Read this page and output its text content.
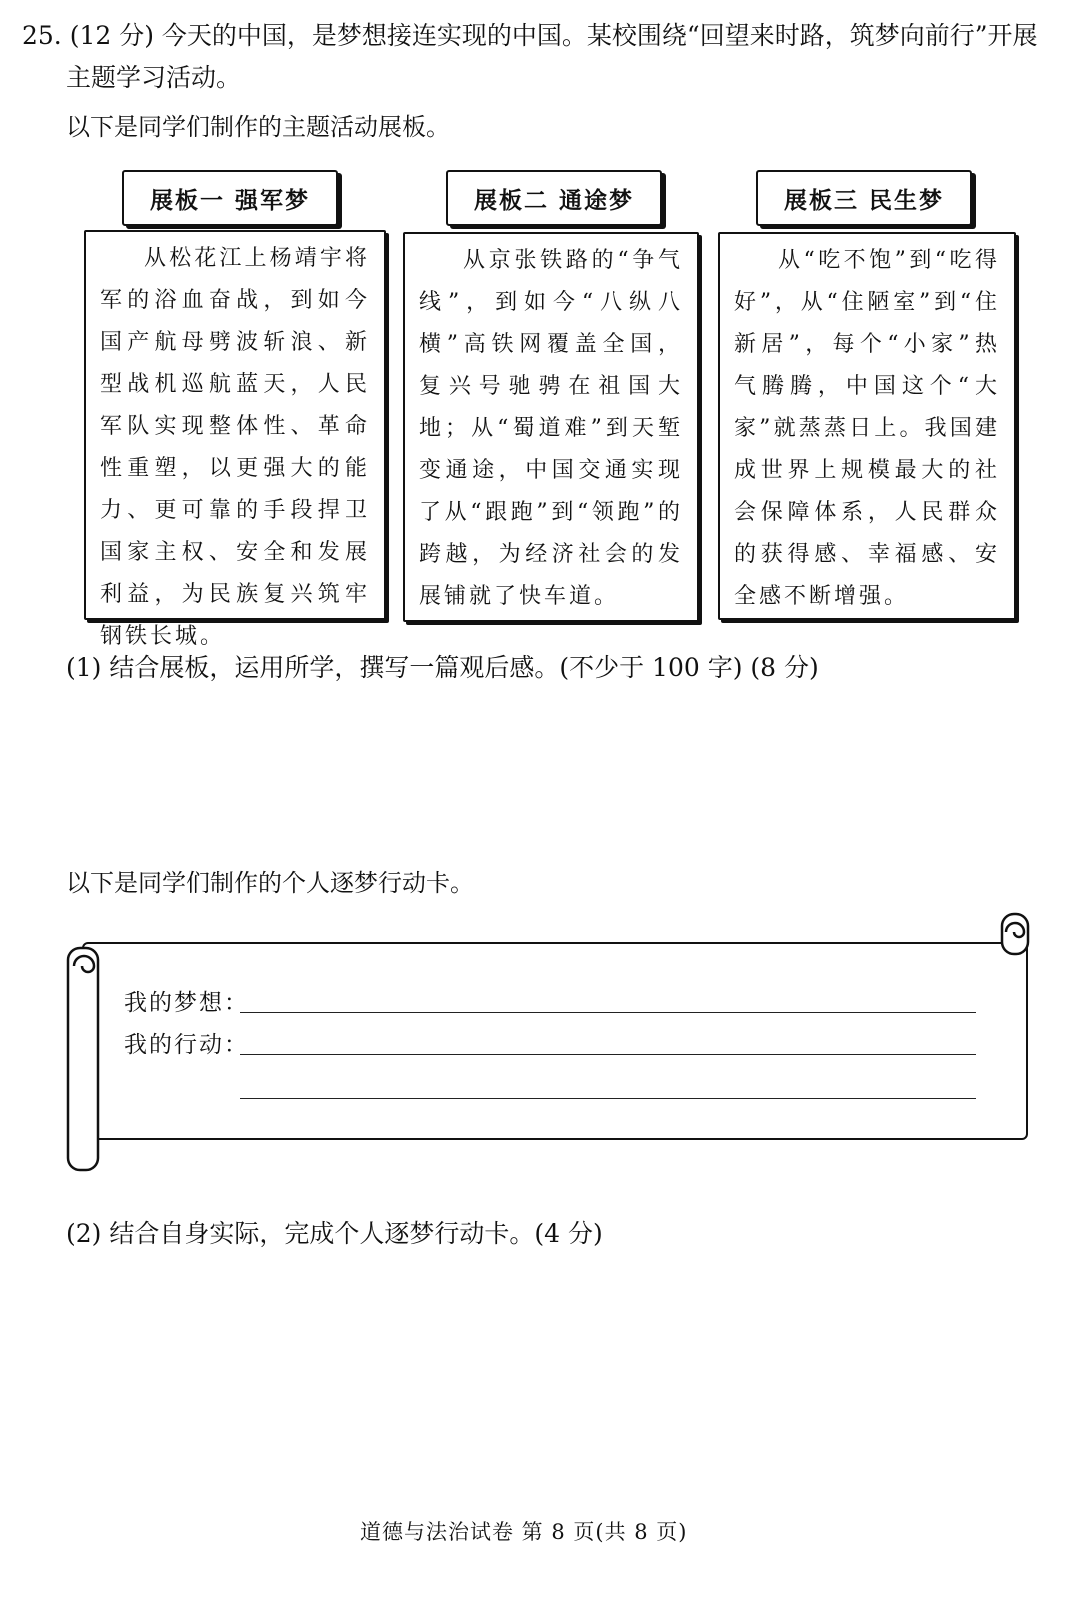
25. (12 分) 今天的中国，是梦想接连实现的中国。某校围绕“回望来时路，筑梦向前行”开展
主题学习活动。
以下是同学们制作的主题活动展板。
展板一 强军梦

从松花江上杨靖宇将军的浴血奋战，到如今国产航母劈波斩浪、新型战机巡航蓝天，人民军队实现整体性、革命性重塑，以更强大的能力、更可靠的手段捍卫国家主权、安全和发展利益，为民族复兴筑牢钢铁长城。

展板二 通途梦

从京张铁路的“争气线”，到如今“八纵八横”高铁网覆盖全国，复兴号驰骋在祖国大地；从“蜀道难”到天堑变通途，中国交通实现了从“跟跑”到“领跑”的跨越，为经济社会的发展铺就了快车道。

展板三 民生梦

从“吃不饱”到“吃得好”，从“住陋室”到“住新居”，每个“小家”热气腾腾，中国这个“大家”就蒸蒸日上。我国建成世界上规模最大的社会保障体系，人民群众的获得感、幸福感、安全感不断增强。

(1) 结合展板，运用所学，撰写一篇观后感。(不少于 100 字) (8 分)
以下是同学们制作的个人逐梦行动卡。
我的梦想：
我的行动：
(2) 结合自身实际，完成个人逐梦行动卡。(4 分)
道德与法治试卷 第 8 页(共 8 页)
